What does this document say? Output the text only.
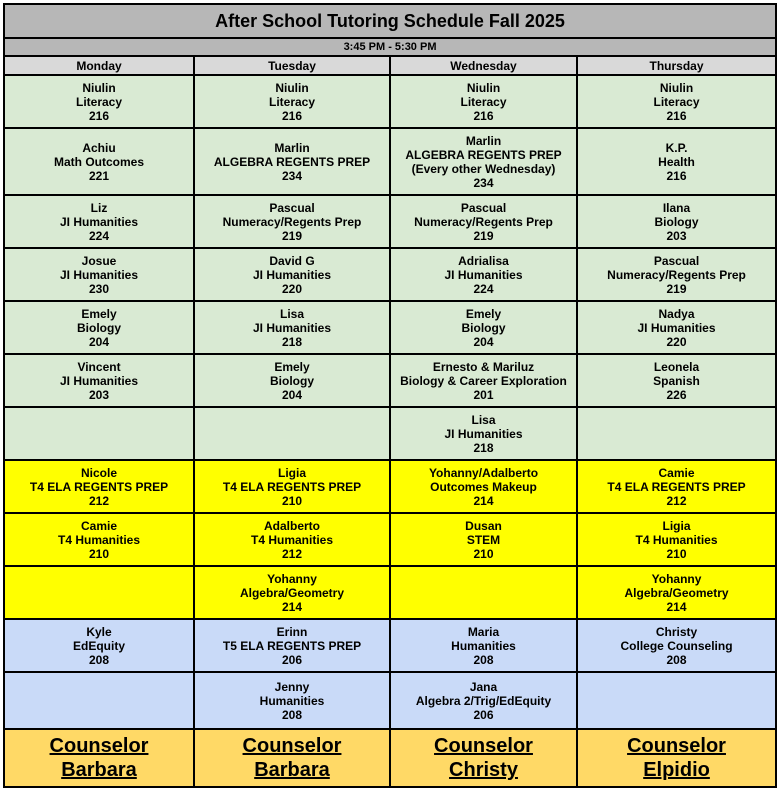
After School Tutoring Schedule Fall 2025			
3:45 PM - 5:30 PM			
Monday	Tuesday	Wednesday	Thursday

Niulin
Literacy
216	Niulin
Literacy
216	Niulin
Literacy
216	Niulin
Literacy
216

Achiu
Math Outcomes
221	Marlin
ALGEBRA REGENTS PREP
234	Marlin
ALGEBRA REGENTS PREP
(Every other Wednesday)
234	K.P.
Health
216

Liz
JI Humanities
224	Pascual
Numeracy/Regents Prep
219	Pascual
Numeracy/Regents Prep
219	Ilana
Biology
203

Josue
JI Humanities
230	David G
JI Humanities
220	Adrialisa
JI Humanities
224	Pascual
Numeracy/Regents Prep
219

Emely
Biology
204	Lisa
JI Humanities
218	Emely
Biology
204	Nadya
JI Humanities
220

Vincent
JI Humanities
203	Emely
Biology
204	Ernesto & Mariluz
Biology & Career Exploration
201	Leonela
Spanish
226

		Lisa
JI Humanities
218	

Nicole
T4 ELA REGENTS PREP
212	Ligia
T4 ELA REGENTS PREP
210	Yohanny/Adalberto
Outcomes Makeup
214	Camie
T4 ELA REGENTS PREP
212

Camie
T4 Humanities
210	Adalberto
T4 Humanities
212	Dusan
STEM
210	Ligia
T4 Humanities
210

	Yohanny
Algebra/Geometry
214		Yohanny
Algebra/Geometry
214

Kyle
EdEquity
208	Erinn
T5 ELA REGENTS PREP
206	Maria
Humanities
208	Christy
College Counseling
208

	Jenny
Humanities
208	Jana
Algebra 2/Trig/EdEquity
206	

Counselor
Barbara	Counselor
Barbara	Counselor
Christy	Counselor
Elpidio
